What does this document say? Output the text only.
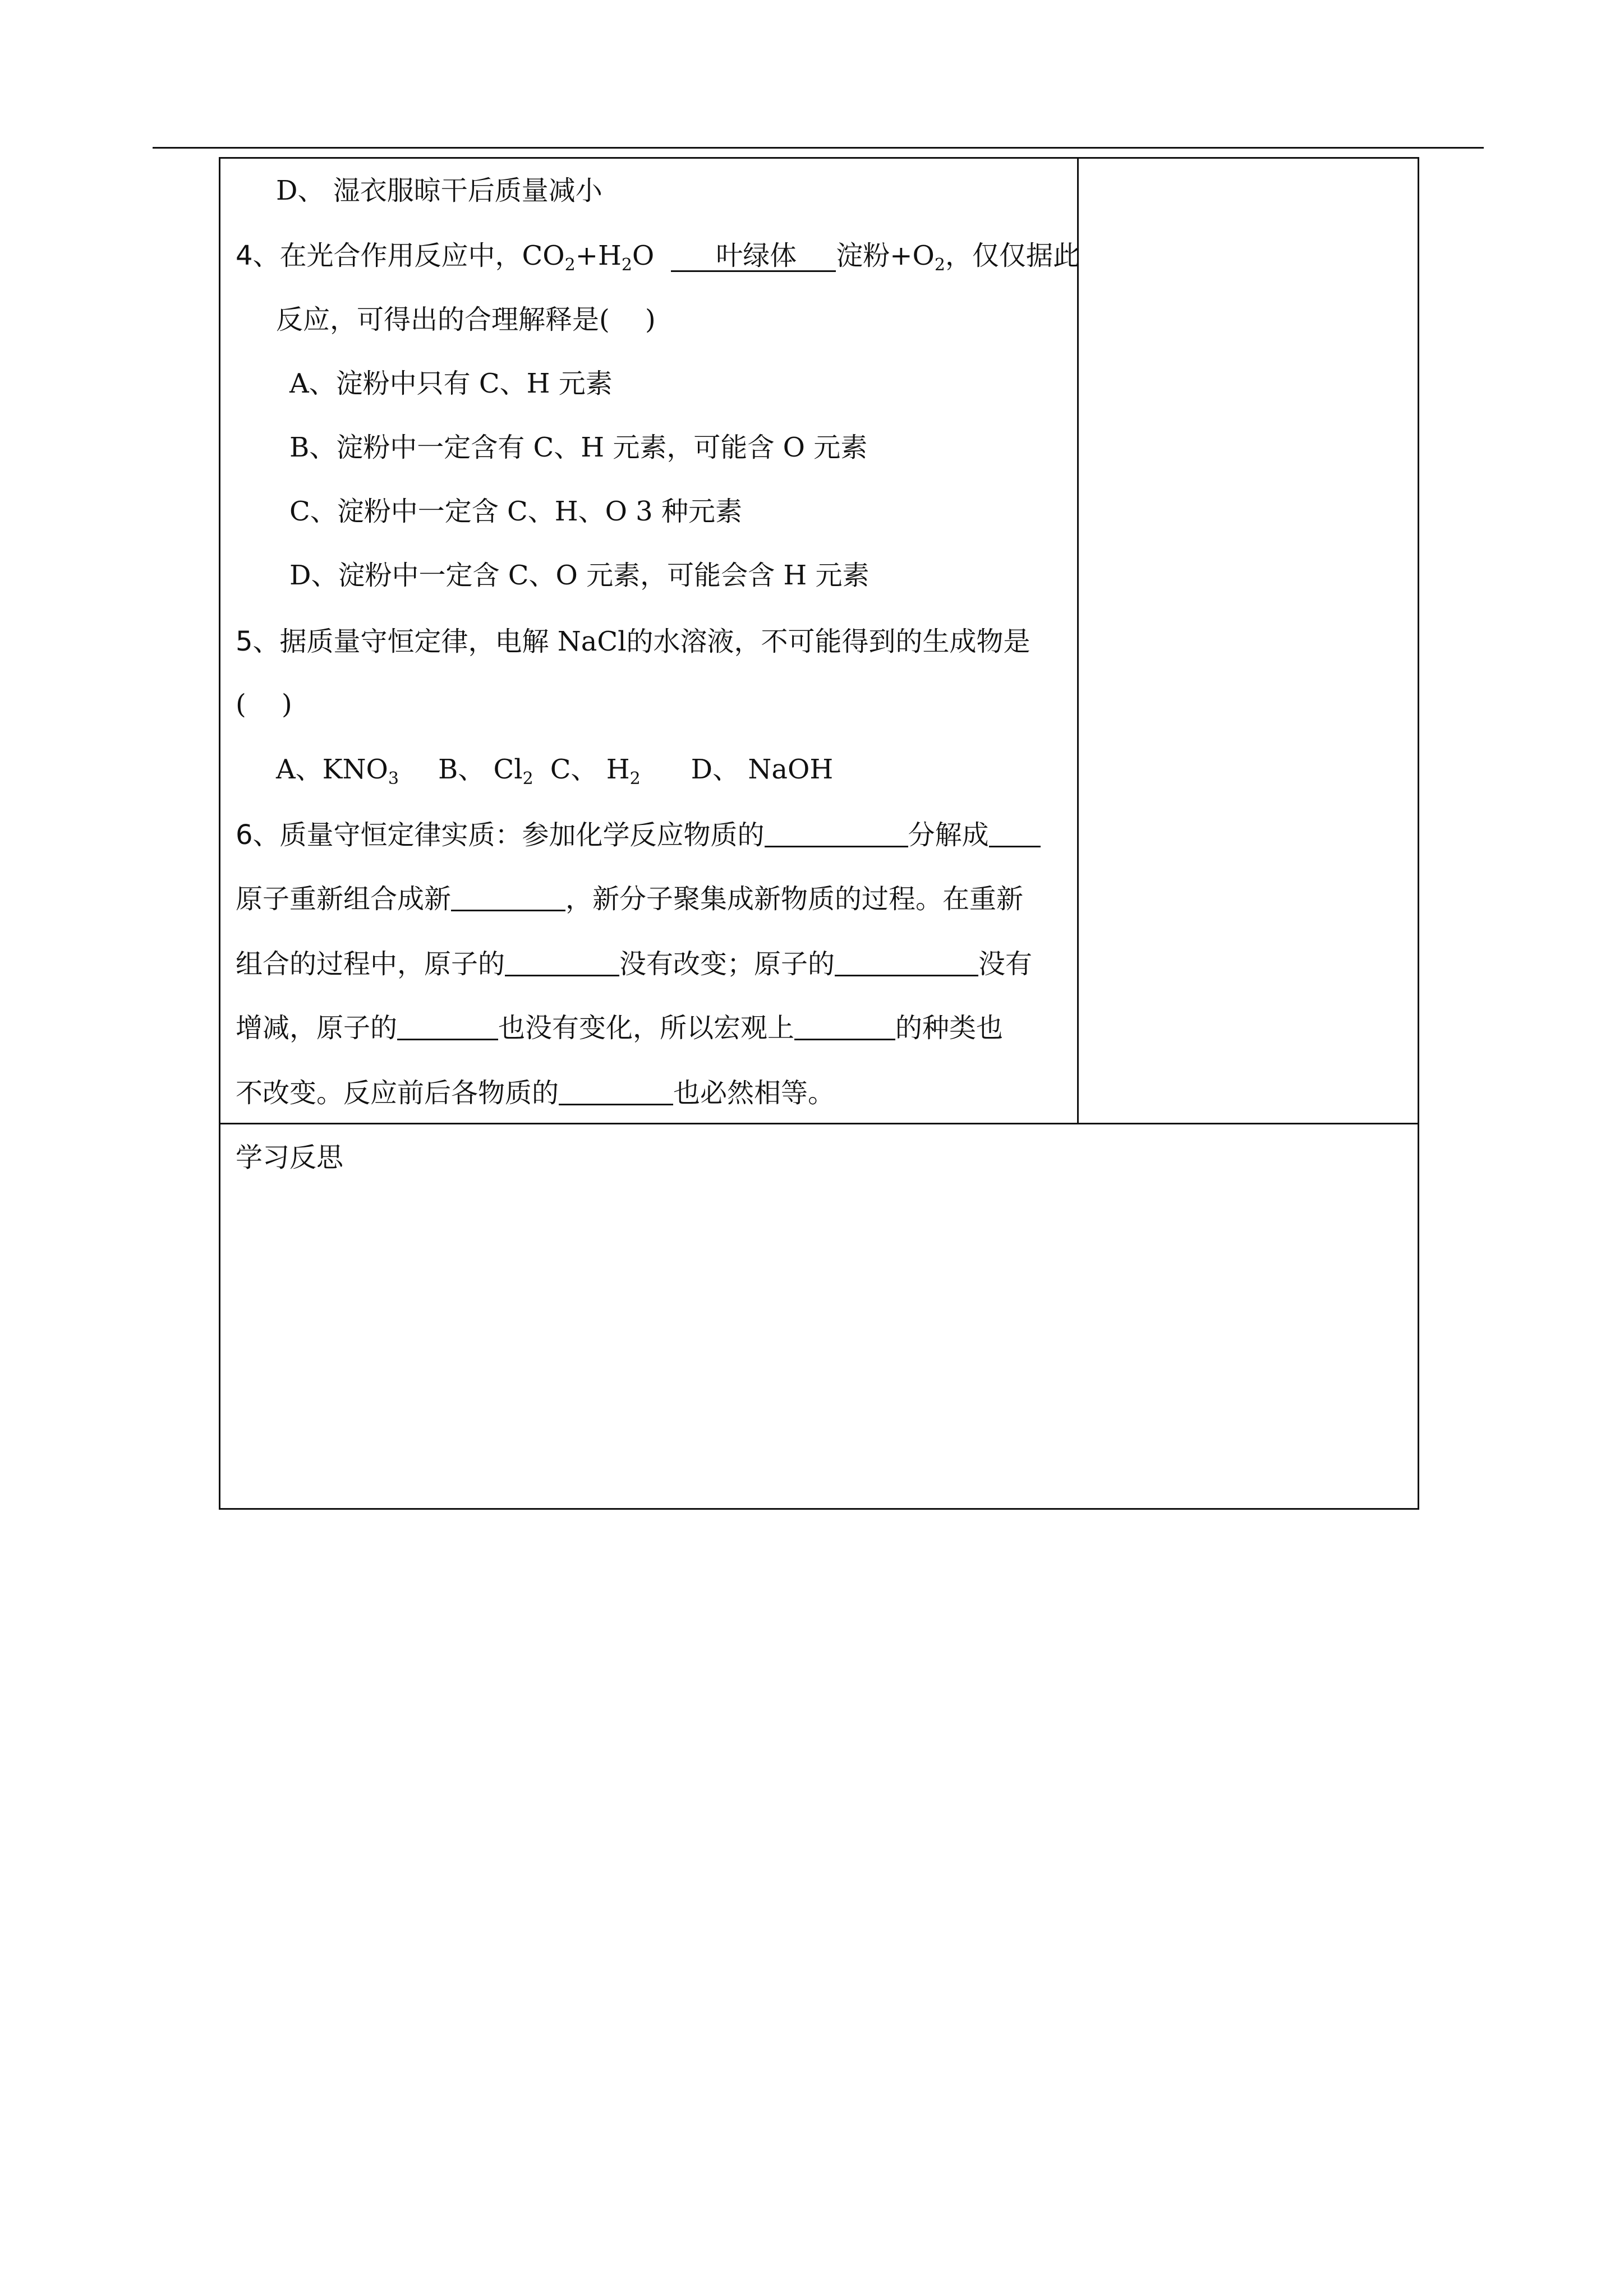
D、 湿衣服晾干后质量减小
4、在光合作用反应中，$CO_2+H_2O$ 叶绿体 淀粉$+O_2$，仅仅据此
反应，可得出的合理解释是(　 )
A、淀粉中只有 C、H 元素
B、淀粉中一定含有 C、H 元素，可能含 O 元素
C、淀粉中一定含 C、H、O 3 种元素
D、淀粉中一定含 C、O 元素，可能会含 H 元素
5、据质量守恒定律，电解 NaCl的水溶液，不可能得到的生成物是
(　 )
A、$KNO_3$ B、 $Cl_2$ C、 $H_2$ D、 NaOH
6、质量守恒定律实质：参加化学反应物质的	分解成
原子重新组合成新	，新分子聚集成新物质的过程。在重新
组合的过程中，原子的	没有改变；原子的	没有
增减，原子的	也没有变化，所以宏观上	的种类也
不改变。反应前后各物质的	也必然相等。
学习反思
